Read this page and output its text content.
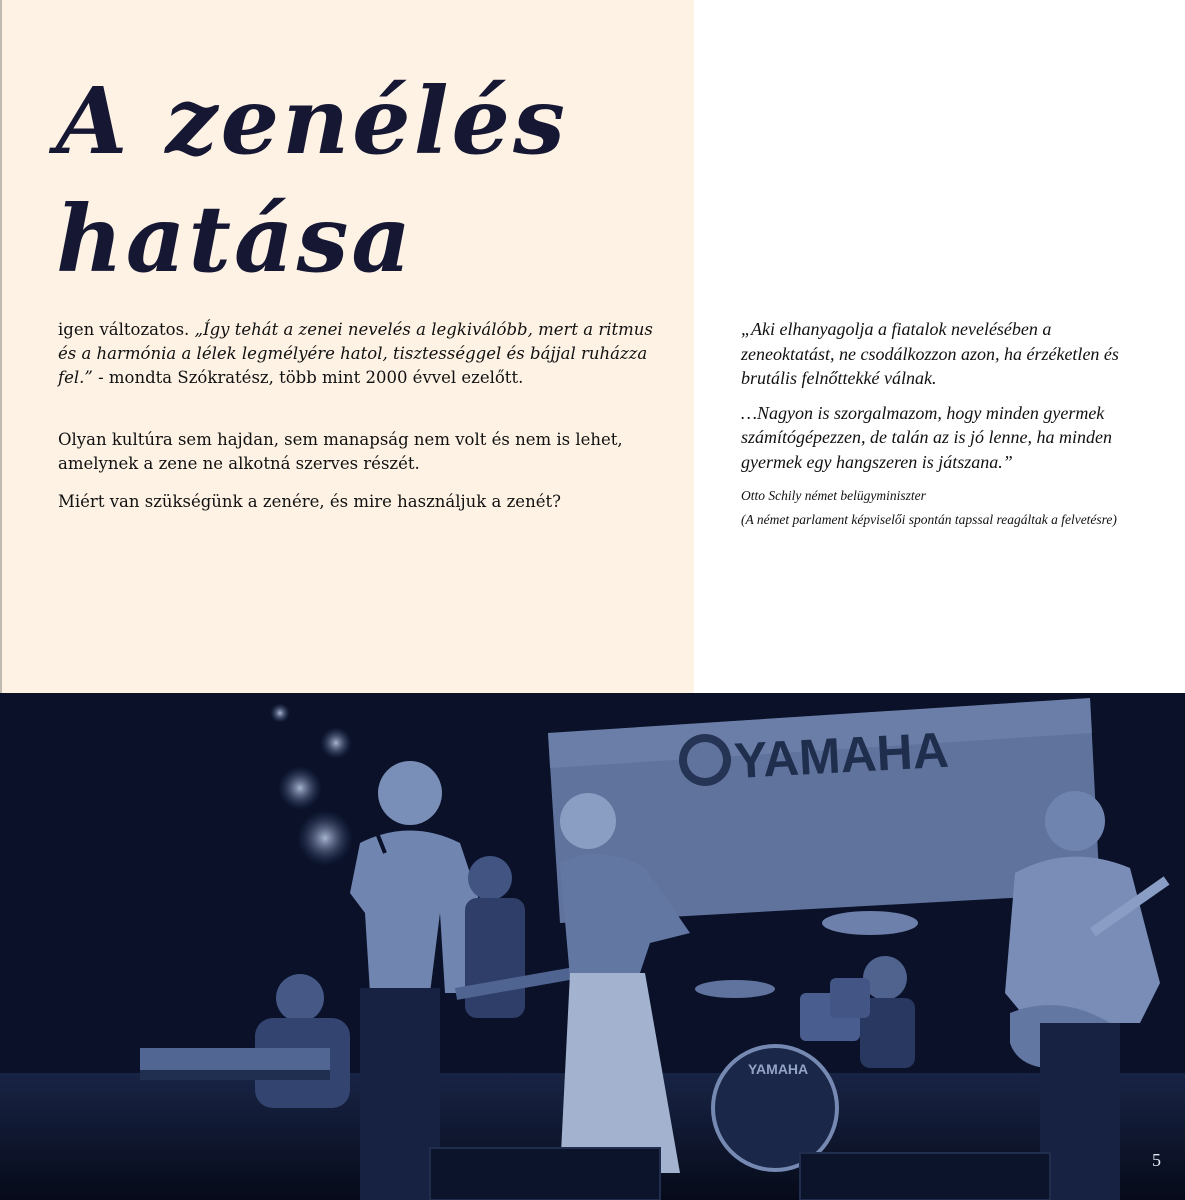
A zenélés
hatása

igen változatos. „Így tehát a zenei nevelés a legkiválóbb, mert a ritmus és a harmónia a lélek legmélyére hatol, tisztességgel és bájjal ruházza fel.” - mondta Szókratész, több mint 2000 évvel ezelőtt.

Olyan kultúra sem hajdan, sem manapság nem volt és nem is lehet, amelynek a zene ne alkotná szerves részét.

Miért van szükségünk a zenére, és mire használjuk a zenét?

„Aki elhanyagolja a fiatalok nevelésében a zeneoktatást, ne csodálkozzon azon, ha érzéketlen és brutális felnőttekké válnak.

…Nagyon is szorgalmazom, hogy minden gyermek számítógépezzen, de talán az is jó lenne, ha minden gyermek egy hangszeren is játszana.”

Otto Schily német belügyminiszter
(A német parlament képviselői spontán tapssal reagáltak a felvetésre)
YAMAHA
YAMAHA
5
